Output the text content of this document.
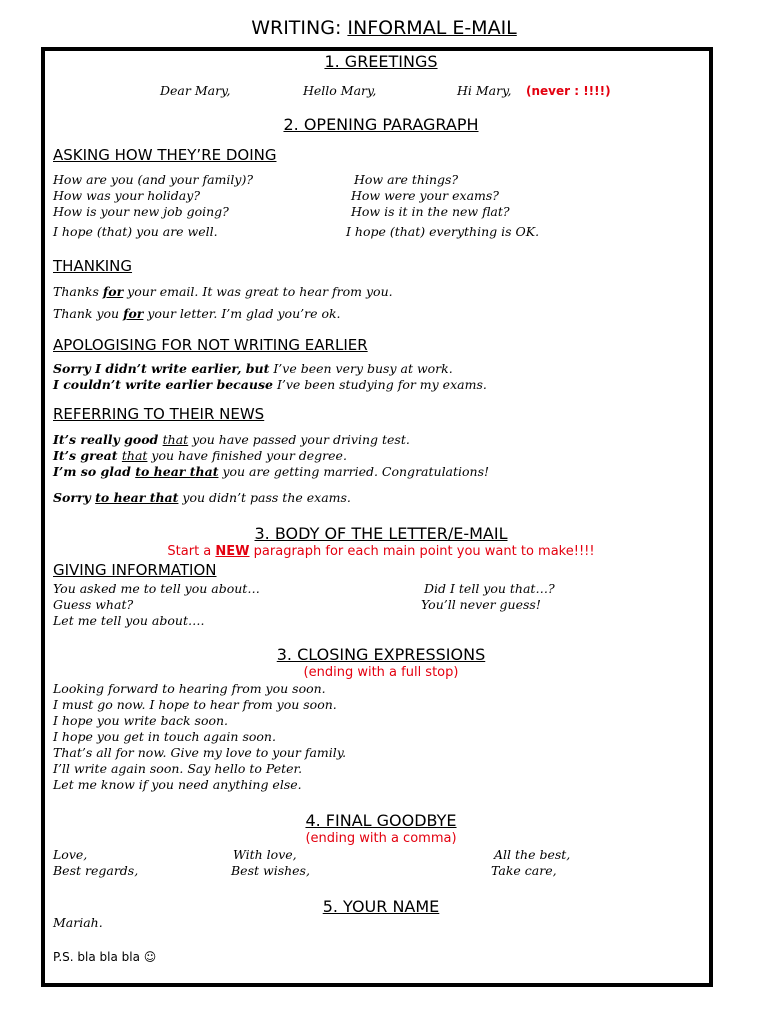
WRITING: INFORMAL E-MAIL
1. GREETINGS
Dear Mary,	Hello Mary,	Hi Mary, (never : !!!!)
2. OPENING PARAGRAPH
ASKING HOW THEY’RE DOING
How are you (and your family)?
How was your holiday?
How is your new job going?
I hope (that) you are well.
How are things?
How were your exams?
How is it in the new flat?
I hope (that) everything is OK.
THANKING
Thanks for your email. It was great to hear from you.
Thank you for your letter. I’m glad you’re ok.
APOLOGISING FOR NOT WRITING EARLIER
Sorry I didn’t write earlier, but I’ve been very busy at work.
I couldn’t write earlier because I’ve been studying for my exams.
REFERRING TO THEIR NEWS
It’s really good that you have passed your driving test.
It’s great that you have finished your degree.
I’m so glad to hear that you are getting married. Congratulations!
Sorry to hear that you didn’t pass the exams.
3. BODY OF THE LETTER/E-MAIL
Start a NEW paragraph for each main point you want to make!!!!
GIVING INFORMATION
You asked me to tell you about…
Guess what?
Let me tell you about….
Did I tell you that…?
You’ll never guess!
3. CLOSING EXPRESSIONS
(ending with a full stop)
Looking forward to hearing from you soon.
I must go now. I hope to hear from you soon.
I hope you write back soon.
I hope you get in touch again soon.
That’s all for now. Give my love to your family.
I’ll write again soon. Say hello to Peter.
Let me know if you need anything else.
4. FINAL GOODBYE
(ending with a comma)
Love,
Best regards,
With love,
Best wishes,
All the best,
Take care,
5. YOUR NAME
Mariah.
P.S. bla bla bla ☺
